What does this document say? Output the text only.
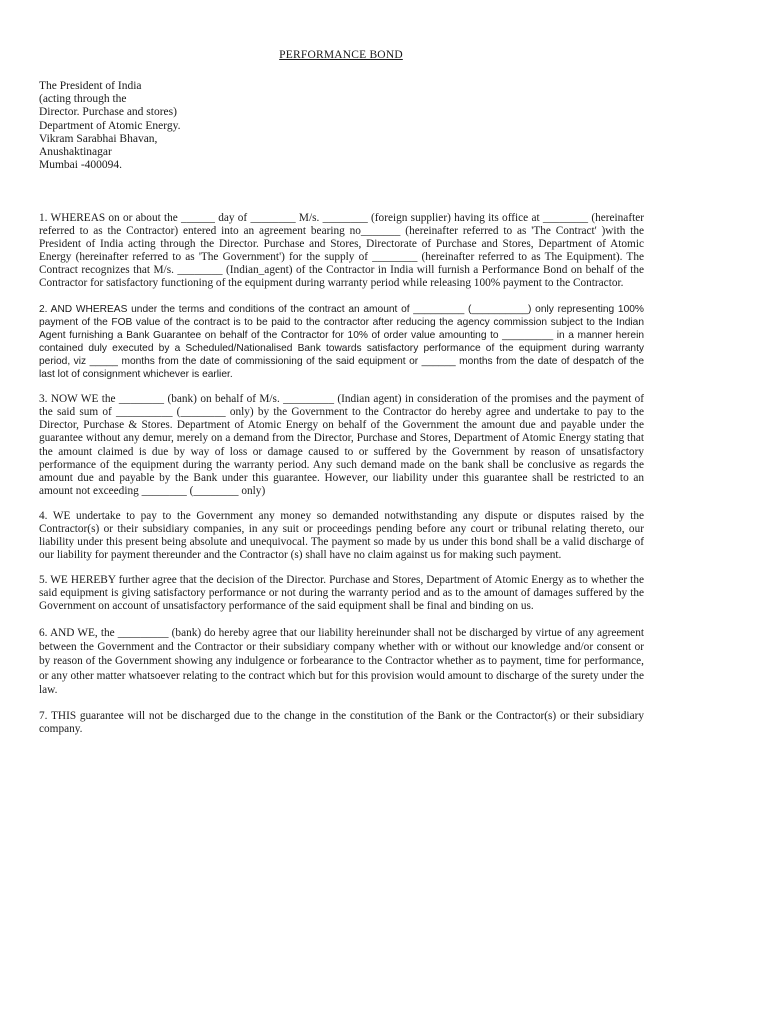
PERFORMANCE BOND
The President of India
(acting through the
Director. Purchase and stores)
Department of Atomic Energy.
Vikram Sarabhai Bhavan,
Anushaktinagar
Mumbai -400094.

1. WHEREAS on or about the ______ day of ________ M/s. ________ (foreign supplier) having its office at ________ (hereinafter referred to as the Contractor) entered into an agreement bearing no_______ (hereinafter referred to as 'The Contract' )with the President of India acting through the Director. Purchase and Stores, Directorate of Purchase and Stores, Department of Atomic Energy (hereinafter referred to as 'The Government') for the supply of ________ (hereinafter referred to as The Equipment). The Contract recognizes that M/s. ________ (Indian_agent) of the Contractor in India will furnish a Performance Bond on behalf of the Contractor for satisfactory functioning of the equipment during warranty period while releasing 100% payment to the Contractor.

2. AND WHEREAS under the terms and conditions of the contract an amount of _________ (__________) only representing 100% payment of the FOB value of the contract is to be paid to the contractor after reducing the agency commission subject to the Indian Agent furnishing a Bank Guarantee on behalf of the Contractor for 10% of order value amounting to _________ in a manner herein contained duly executed by a Scheduled/Nationalised Bank towards satisfactory performance of the equipment during warranty period, viz _____ months from the date of commissioning of the said equipment or ______ months from the date of despatch of the last lot of consignment whichever is earlier.

3. NOW WE the ________ (bank) on behalf of M/s. _________ (Indian agent) in consideration of the promises and the payment of the said sum of __________ (________ only) by the Government to the Contractor do hereby agree and undertake to pay to the Director, Purchase & Stores. Department of Atomic Energy on behalf of the Government the amount due and payable under the guarantee without any demur, merely on a demand from the Director, Purchase and Stores, Department of Atomic Energy stating that the amount claimed is due by way of loss or damage caused to or suffered by the Government by reason of unsatisfactory performance of the equipment during the warranty period. Any such demand made on the bank shall be conclusive as regards the amount due and payable by the Bank under this guarantee. However, our liability under this guarantee shall be restricted to an amount not exceeding ________ (________ only)

4. WE undertake to pay to the Government any money so demanded notwithstanding any dispute or disputes raised by the Contractor(s) or their subsidiary companies, in any suit or proceedings pending before any court or tribunal relating thereto, our liability under this present being absolute and unequivocal. The payment so made by us under this bond shall be a valid discharge of our liability for payment thereunder and the Contractor (s) shall have no claim against us for making such payment.

5. WE HEREBY further agree that the decision of the Director. Purchase and Stores, Department of Atomic Energy as to whether the said equipment is giving satisfactory performance or not during the warranty period and as to the amount of damages suffered by the Government on account of unsatisfactory performance of the said equipment shall be final and binding on us.

6. AND WE, the _________ (bank) do hereby agree that our liability hereinunder shall not be discharged by virtue of any agreement between the Government and the Contractor or their subsidiary company whether with or without our knowledge and/or consent or by reason of the Government showing any indulgence or forbearance to the Contractor whether as to payment, time for performance, or any other matter whatsoever relating to the contract which but for this provision would amount to discharge of the surety under the law.

7. THIS guarantee will not be discharged due to the change in the constitution of the Bank or the Contractor(s) or their subsidiary company.
